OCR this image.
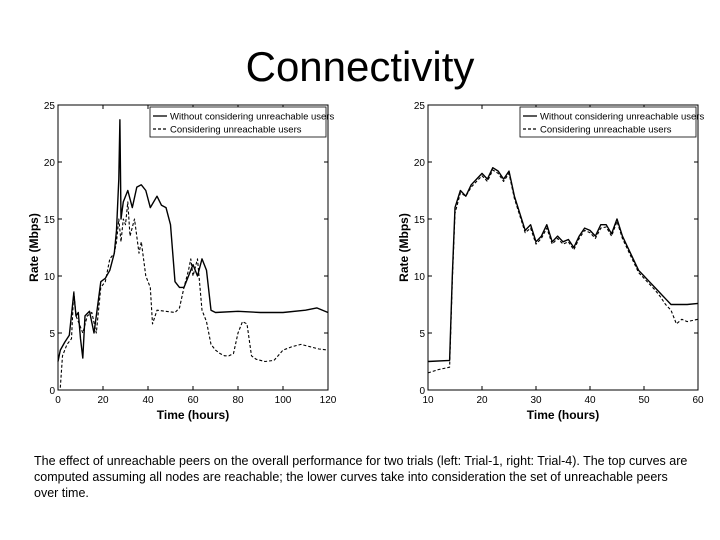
Connectivity
0	20	40	60	80	100	120
0
5
10
15
20
25
Time (hours)
Rate (Mbps)
Without considering unreachable users
Considering unreachable users
10	20	30	40	50	60
0
5
10
15
20
25
Time (hours)
Rate (Mbps)
Without considering unreachable users
Considering unreachable users
The effect of unreachable peers on the overall performance for two trials (left: Trial-1, right: Trial-4). The top curves are computed assuming all nodes are reachable; the lower curves take into consideration the set of unreachable peers over time.
